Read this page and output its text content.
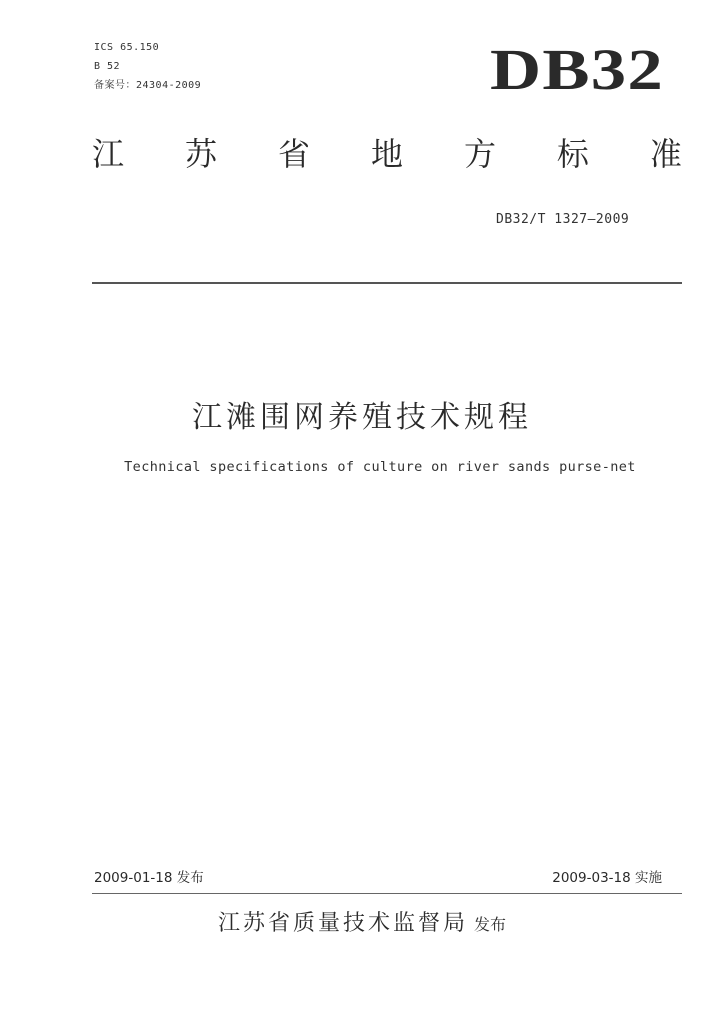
ICS 65.150
B 52
备案号：24304-2009	DB32
江 苏 省 地 方 标 准
DB32/T 1327—2009
江滩围网养殖技术规程
Technical specifications of culture on river sands purse-net
2009-01-18 发布	2009-03-18 实施
江苏省质量技术监督局 发布
